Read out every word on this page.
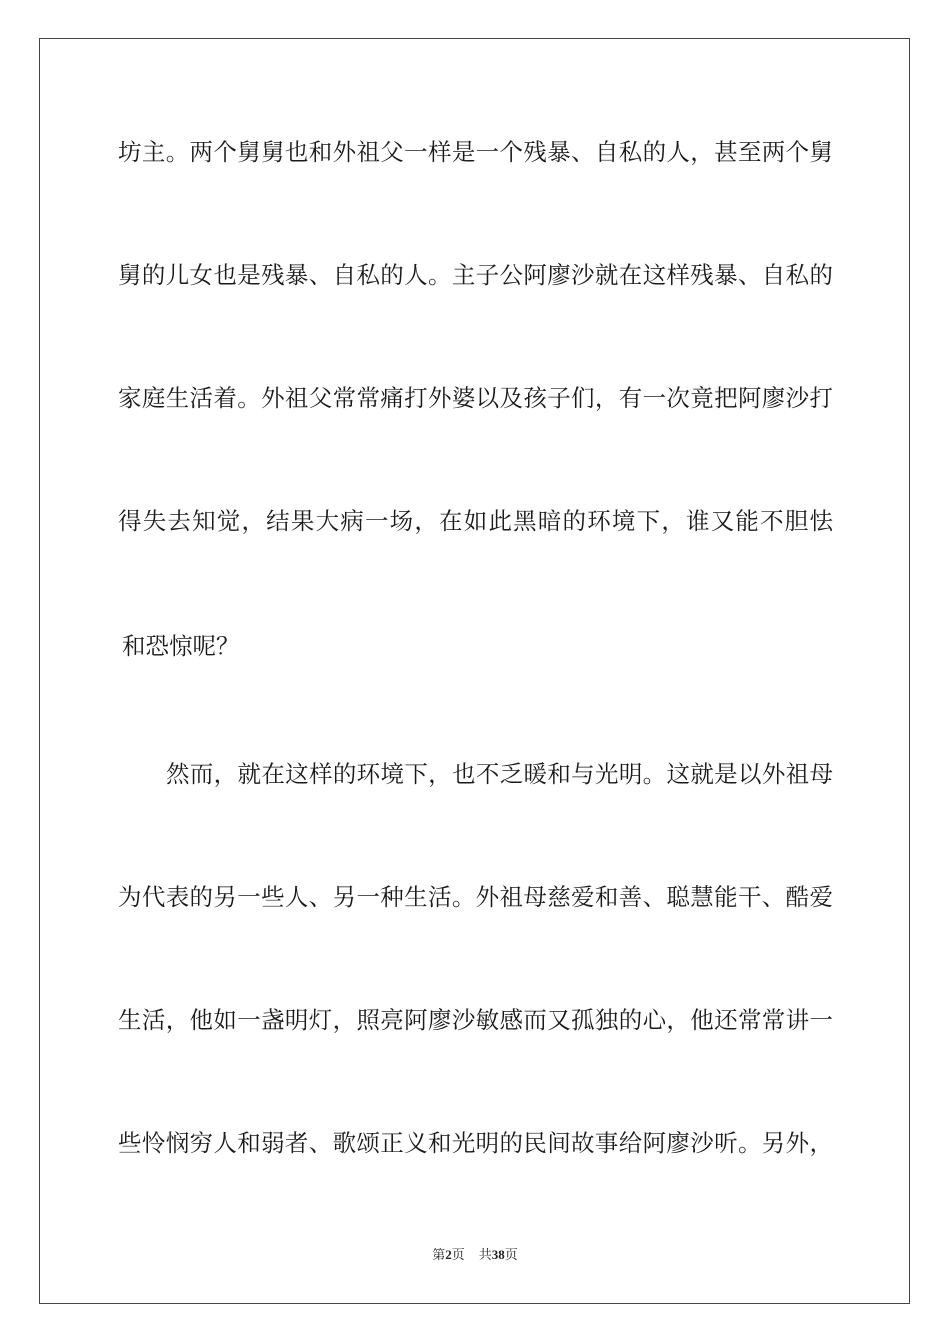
坊主。两个舅舅也和外祖父一样是一个残暴、自私的人，甚至两个舅
舅的儿女也是残暴、自私的人。主子公阿廖沙就在这样残暴、自私的
家庭生活着。外祖父常常痛打外婆以及孩子们，有一次竟把阿廖沙打
得失去知觉，结果大病一场，在如此黑暗的环境下，谁又能不胆怯
和恐惊呢？
然而，就在这样的环境下，也不乏暖和与光明。这就是以外祖母
为代表的另一些人、另一种生活。外祖母慈爱和善、聪慧能干、酷爱
生活，他如一盏明灯，照亮阿廖沙敏感而又孤独的心，他还常常讲一
些怜悯穷人和弱者、歌颂正义和光明的民间故事给阿廖沙听。另外，
第2页 共38页
